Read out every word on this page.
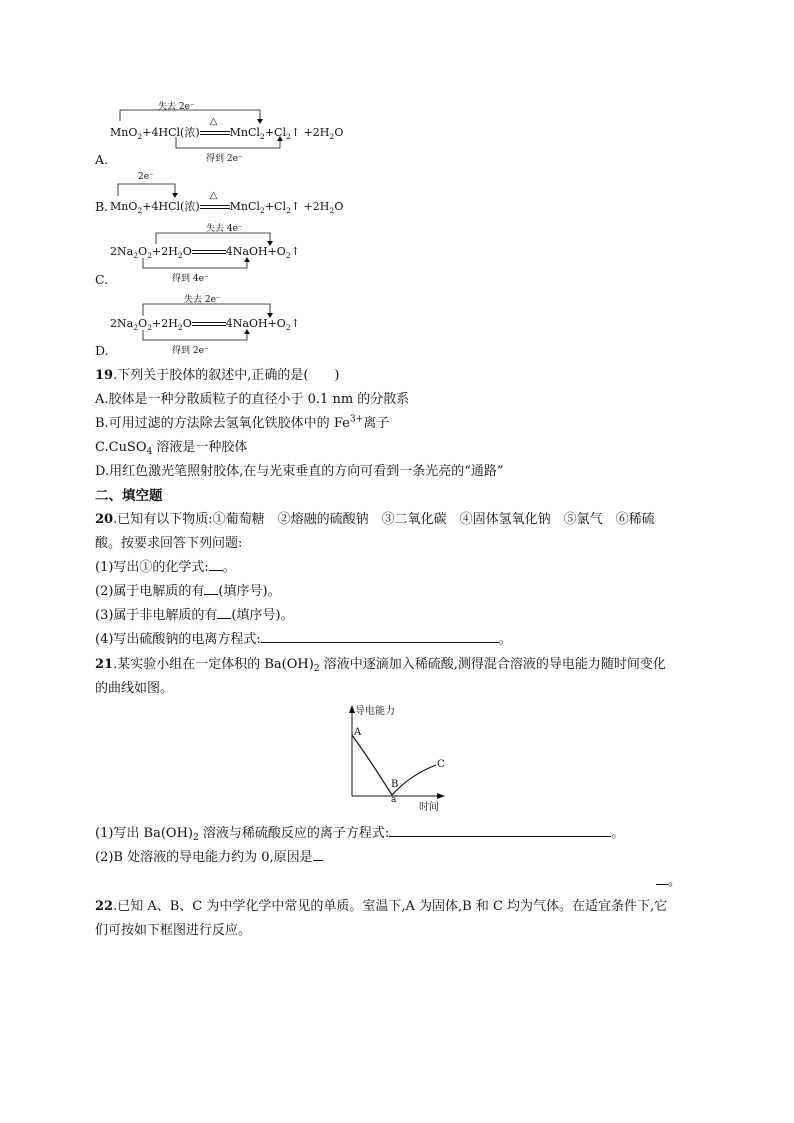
失去 2e⁻
MnO$_2$+4HCl(浓)
△
$MnCl_2+Cl_2↑ +2H_2O$
得到 2e⁻
A.
2e⁻
B. MnO$_2$+4HCl(浓)
△
$MnCl_2+Cl_2↑ +2H_2O$
失去 4e⁻
$2Na_2O_2+2H_2O$	$4NaOH+O_2↑$
得到 4e⁻
C.
失去 2e⁻
$2Na_2O_2+2H_2O$	$4NaOH+O_2↑$
得到 2e⁻
D.
19.下列关于胶体的叙述中,正确的是(　　)
A.胶体是一种分散质粒子的直径小于 0.1 nm 的分散系
B.可用过滤的方法除去氢氧化铁胶体中的 $Fe^{3+}$离子
C.CuSO$_4$ 溶液是一种胶体
D.用红色激光笔照射胶体,在与光束垂直的方向可看到一条光亮的“通路”
二、填空题
20.已知有以下物质:①葡萄糖　②熔融的硫酸钠　③二氧化碳　④固体氢氧化钠　⑤氯气　⑥稀硫
酸。按要求回答下列问题:
(1)写出①的化学式: 。
(2)属于电解质的有 (填序号)。
(3)属于非电解质的有 (填序号)。
(4)写出硫酸钠的电离方程式:	。
21.某实验小组在一定体积的 $Ba(OH)_2$ 溶液中逐滴加入稀硫酸,测得混合溶液的导电能力随时间变化
的曲线如图。
导电能力
时间
A
B
C
a
(1)写出 $Ba(OH)_2$ 溶液与稀硫酸反应的离子方程式:	。
(2)B 处溶液的导电能力约为 0,原因是
。
22.已知 A、B、C 为中学化学中常见的单质。室温下,A 为固体,B 和 C 均为气体。在适宜条件下,它
们可按如下框图进行反应。
